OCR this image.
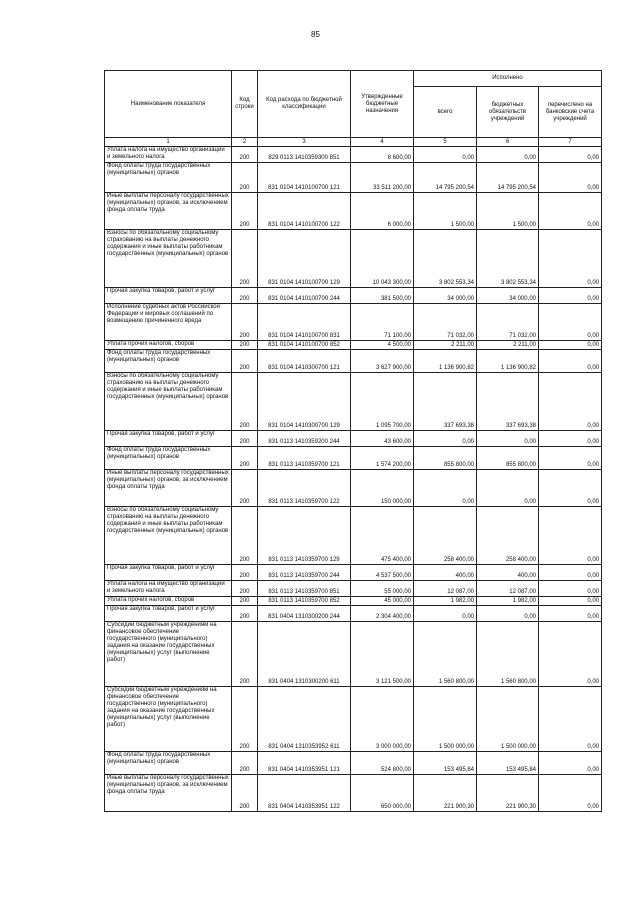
85
Наименование показателя	Код строки	Код расхода по бюджетной классификации	Утвержденные бюджетные назначения	Исполнено		
				всего	бюджетных обязательств учреждений	перечислено на банковские счета учреждений
1	2	3	4	5	6	7
Уплата налога на имущество организаций и земельного налога	200	829 0113 1410359300 851	8 600,00	0,00	0,00	0,00
Фонд оплаты труда государственных (муниципальных) органов	200	831 0104 1410100700 121	33 511 200,00	14 795 200,54	14 795 200,54	0,00
Иные выплаты персоналу государственных (муниципальных) органов, за исключением фонда оплаты труда	200	831 0104 1410100700 122	6 000,00	1 500,00	1 500,00	0,00
Взносы по обязательному социальному страхованию на выплаты денежного содержания и иные выплаты работникам государственных (муниципальных) органов	200	831 0104 1410100700 129	10 043 300,00	3 802 553,34	3 802 553,34	0,00
Прочая закупка товаров, работ и услуг	200	831 0104 1410100700 244	381 500,00	34 000,00	34 000,00	0,00
Исполнение судебных актов Российской Федерации и мировых соглашений по возмещению причиненного вреда	200	831 0104 1410100700 831	71 100,00	71 032,00	71 032,00	0,00
Уплата прочих налогов, сборов	200	831 0104 1410100700 852	4 500,00	2 211,00	2 211,00	0,00
Фонд оплаты труда государственных (муниципальных) органов	200	831 0104 1410300700 121	3 627 900,00	1 136 900,82	1 136 900,82	0,00
Взносы по обязательному социальному страхованию на выплаты денежного содержания и иные выплаты работникам государственных (муниципальных) органов	200	831 0104 1410300700 129	1 095 700,00	337 693,38	337 693,38	0,00
Прочая закупка товаров, работ и услуг	200	831 0113 1410359200 244	43 600,00	0,00	0,00	0,00
Фонд оплаты труда государственных (муниципальных) органов	200	831 0113 1410359700 121	1 574 200,00	855 800,00	855 800,00	0,00
Иные выплаты персоналу государственных (муниципальных) органов, за исключением фонда оплаты труда	200	831 0113 1410359700 122	150 000,00	0,00	0,00	0,00
Взносы по обязательному социальному страхованию на выплаты денежного содержания и иные выплаты работникам государственных (муниципальных) органов	200	831 0113 1410359700 129	475 400,00	258 400,00	258 400,00	0,00
Прочая закупка товаров, работ и услуг	200	831 0113 1410359700 244	4 537 500,00	400,00	400,00	0,00
Уплата налога на имущество организаций и земельного налога	200	831 0113 1410359700 851	55 000,00	12 087,00	12 087,00	0,00
Уплата прочих налогов, сборов	200	831 0113 1410359700 852	45 000,00	1 982,00	1 982,00	0,00
Прочая закупка товаров, работ и услуг	200	831 0404 1310300200 244	2 304 400,00	0,00	0,00	0,00
Субсидии бюджетным учреждениям на финансовое обеспечение государственного (муниципального) задания на оказание государственных (муниципальных) услуг (выполнение работ)	200	831 0404 1310300200 611	3 121 500,00	1 560 800,00	1 560 800,00	0,00
Субсидии бюджетным учреждениям на финансовое обеспечение государственного (муниципального) задания на оказание государственных (муниципальных) услуг (выполнение работ)	200	831 0404 1310353952 611	3 000 000,00	1 500 000,00	1 500 000,00	0,00
Фонд оплаты труда государственных (муниципальных) органов	200	831 0404 1410353951 121	524 800,00	153 495,84	153 495,84	0,00
Иные выплаты персоналу государственных (муниципальных) органов, за исключением фонда оплаты труда	200	831 0404 1410353951 122	650 000,00	221 900,30	221 900,30	0,00
